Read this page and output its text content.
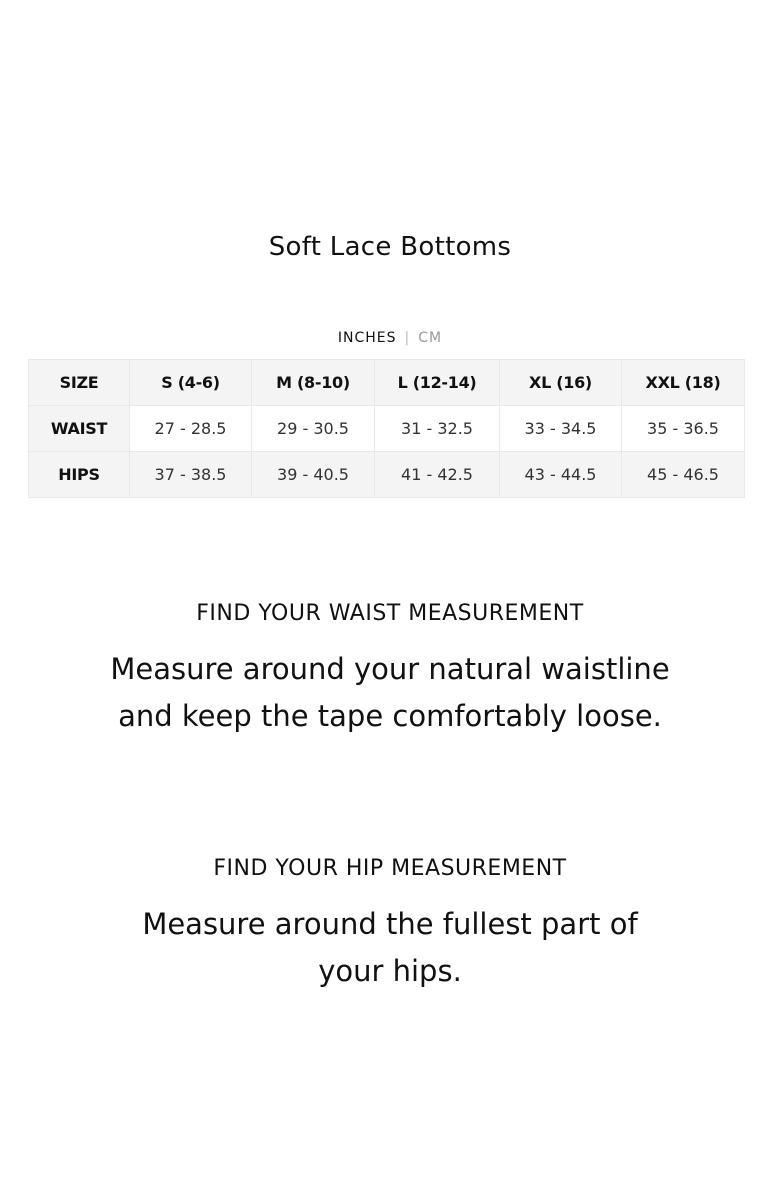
Soft Lace Bottoms
INCHES | CM
SIZE	S (4-6)	M (8-10)	L (12-14)	XL (16)	XXL (18)
WAIST	27 - 28.5	29 - 30.5	31 - 32.5	33 - 34.5	35 - 36.5
HIPS	37 - 38.5	39 - 40.5	41 - 42.5	43 - 44.5	45 - 46.5
FIND YOUR WAIST MEASUREMENT
Measure around your natural waistline and keep the tape comfortably loose.
FIND YOUR HIP MEASUREMENT
Measure around the fullest part of your hips.
